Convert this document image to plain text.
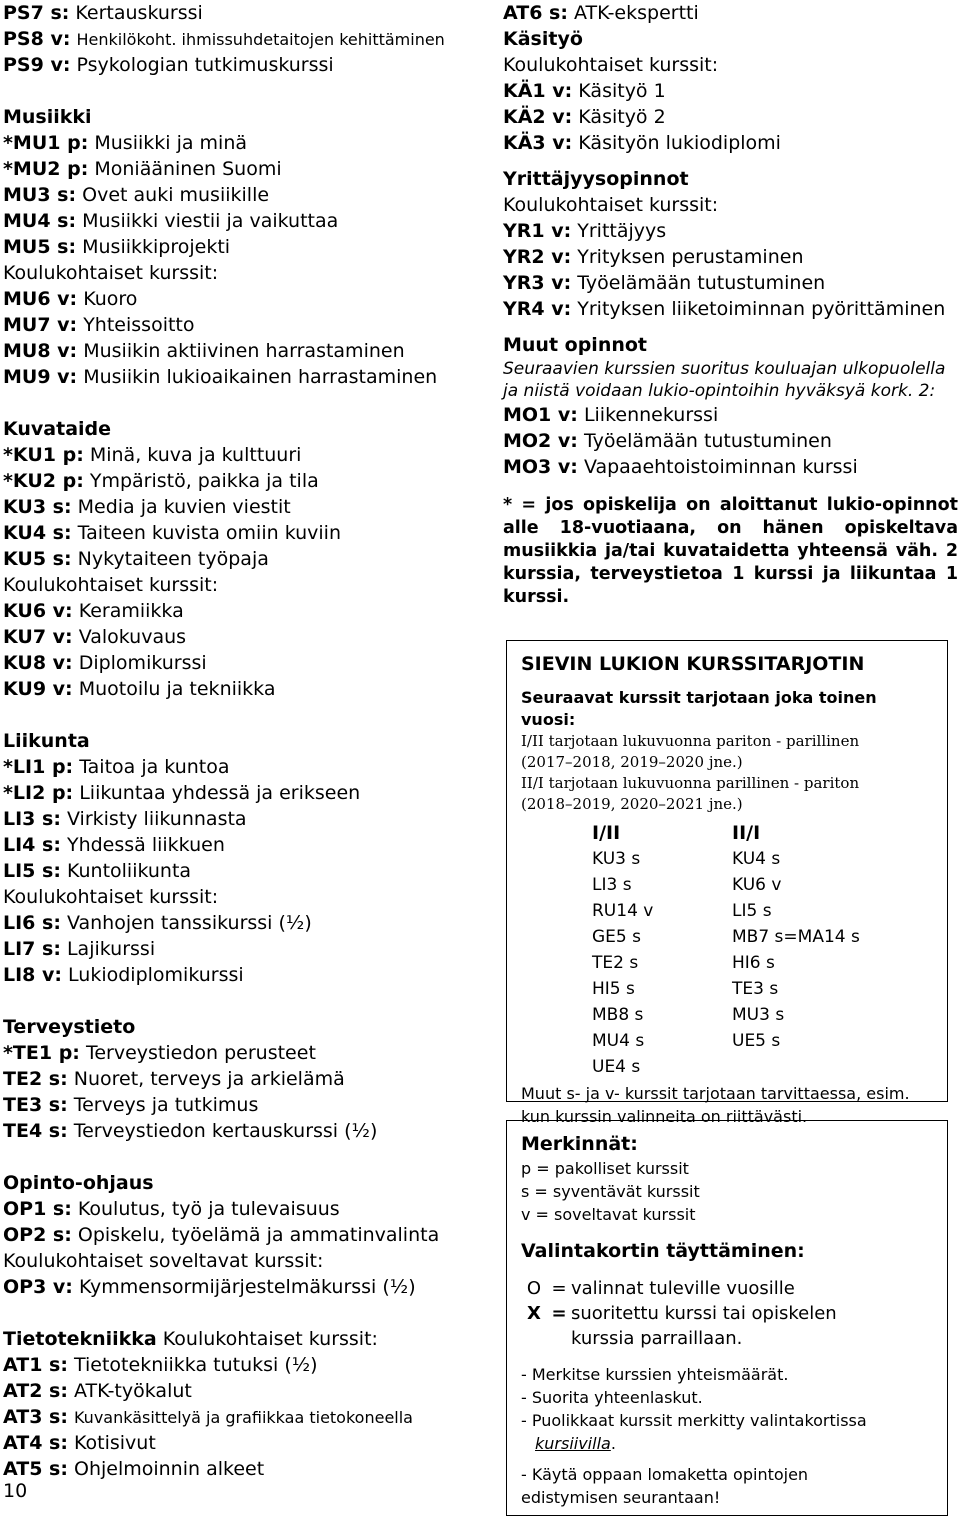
PS7 s: Kertauskurssi
PS8 v: Henkilökoht. ihmissuhdetaitojen kehittäminen
PS9 v: Psykologian tutkimuskurssi
Musiikki
*MU1 p: Musiikki ja minä
*MU2 p: Moniääninen Suomi
MU3 s: Ovet auki musiikille
MU4 s: Musiikki viestii ja vaikuttaa
MU5 s: Musiikkiprojekti
Koulukohtaiset kurssit:
MU6 v: Kuoro
MU7 v: Yhteissoitto
MU8 v: Musiikin aktiivinen harrastaminen
MU9 v: Musiikin lukioaikainen harrastaminen
Kuvataide
*KU1 p: Minä, kuva ja kulttuuri
*KU2 p: Ympäristö, paikka ja tila
KU3 s: Media ja kuvien viestit
KU4 s: Taiteen kuvista omiin kuviin
KU5 s: Nykytaiteen työpaja
Koulukohtaiset kurssit:
KU6 v: Keramiikka
KU7 v: Valokuvaus
KU8 v: Diplomikurssi
KU9 v: Muotoilu ja tekniikka
Liikunta
*LI1 p: Taitoa ja kuntoa
*LI2 p: Liikuntaa yhdessä ja erikseen
LI3 s: Virkisty liikunnasta
LI4 s: Yhdessä liikkuen
LI5 s: Kuntoliikunta
Koulukohtaiset kurssit:
LI6 s: Vanhojen tanssikurssi (½)
LI7 s: Lajikurssi
LI8 v: Lukiodiplomikurssi
Terveystieto
*TE1 p: Terveystiedon perusteet
TE2 s: Nuoret, terveys ja arkielämä
TE3 s: Terveys ja tutkimus
TE4 s: Terveystiedon kertauskurssi (½)
Opinto-ohjaus
OP1 s: Koulutus, työ ja tulevaisuus
OP2 s: Opiskelu, työelämä ja ammatinvalinta
Koulukohtaiset soveltavat kurssit:
OP3 v: Kymmensormijärjestelmäkurssi (½)
Tietotekniikka Koulukohtaiset kurssit:
AT1 s: Tietotekniikka tutuksi (½)
AT2 s: ATK-työkalut
AT3 s: Kuvankäsittelyä ja grafiikkaa tietokoneella
AT4 s: Kotisivut
AT5 s: Ohjelmoinnin alkeet
10
AT6 s: ATK-ekspertti
Käsityö
Koulukohtaiset kurssit:
KÄ1 v: Käsityö 1
KÄ2 v: Käsityö 2
KÄ3 v: Käsityön lukiodiplomi
Yrittäjyysopinnot
Koulukohtaiset kurssit:
YR1 v: Yrittäjyys
YR2 v: Yrityksen perustaminen
YR3 v: Työelämään tutustuminen
YR4 v: Yrityksen liiketoiminnan pyörittäminen
Muut opinnot
Seuraavien kurssien suoritus kouluajan ulkopuolella ja niistä voidaan lukio-opintoihin hyväksyä kork. 2:
MO1 v: Liikennekurssi
MO2 v: Työelämään tutustuminen
MO3 v: Vapaaehtoistoiminnan kurssi
* = jos opiskelija on aloittanut lukio-opinnot
alle 18-vuotiaana, on hänen opiskeltava
musiikkia ja/tai kuvataidetta yhteensä väh. 2
kurssia, terveystietoa 1 kurssi ja liikuntaa 1
kurssi.
SIEVIN LUKION KURSSITARJOTIN
Seuraavat kurssit tarjotaan joka toinen vuosi:
I/II tarjotaan lukuvuonna pariton - parillinen
(2017–2018, 2019–2020 jne.)
II/I tarjotaan lukuvuonna parillinen - pariton
(2018–2019, 2020–2021 jne.)
I/II	II/I
KU3 s	KU4 s
LI3 s	KU6 v
RU14 v	LI5 s
GE5 s	MB7 s=MA14 s
TE2 s	HI6 s
HI5 s	TE3 s
MB8 s	MU3 s
MU4 s	UE5 s
UE4 s
Muut s- ja v- kurssit tarjotaan tarvittaessa, esim. kun kurssin valinneita on riittävästi.
Merkinnät:
p = pakolliset kurssit
s = syventävät kurssit
v = soveltavat kurssit
Valintakortin täyttäminen:
O = valinnat tuleville vuosille
X = suoritettu kurssi tai opiskelen kurssia parraillaan.
- Merkitse kurssien yhteismäärät.
- Suorita yhteenlaskut.
- Puolikkaat kurssit merkitty valintakortissa
kursiivilla.
- Käytä oppaan lomaketta opintojen edistymisen seurantaan!
